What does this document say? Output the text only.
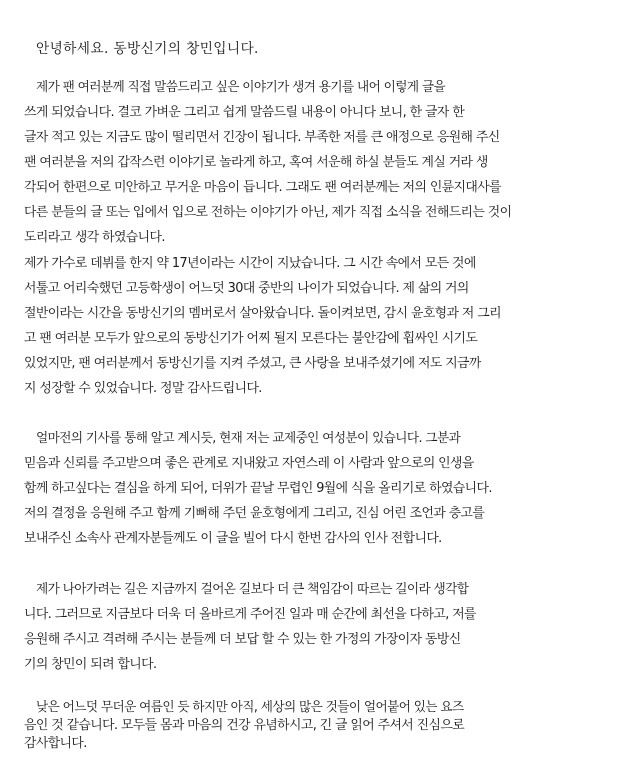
안녕하세요. 동방신기의 창민입니다.
제가 팬 여러분께 직접 말씀드리고 싶은 이야기가 생겨 용기를 내어 이렇게 글을
쓰게 되었습니다. 결코 가벼운 그리고 쉽게 말씀드릴 내용이 아니다 보니, 한 글자 한
글자 적고 있는 지금도 많이 떨리면서 긴장이 됩니다. 부족한 저를 큰 애정으로 응원해 주신
팬 여러분을 저의 갑작스런 이야기로 놀라게 하고, 혹여 서운해 하실 분들도 계실 거라 생
각되어 한편으로 미안하고 무거운 마음이 듭니다. 그래도 팬 여러분께는 저의 인륜지대사를
다른 분들의 글 또는 입에서 입으로 전하는 이야기가 아닌, 제가 직접 소식을 전해드리는 것이
도리라고 생각 하였습니다.
제가 가수로 데뷔를 한지 약 17년이라는 시간이 지났습니다. 그 시간 속에서 모든 것에
서툴고 어리숙했던 고등학생이 어느덧 30대 중반의 나이가 되었습니다. 제 삶의 거의
절반이라는 시간을 동방신기의 멤버로서 살아왔습니다. 돌이켜보면, 감시 윤호형과 저 그리
고 팬 여러분 모두가 앞으로의 동방신기가 어찌 될지 모른다는 불안감에 휩싸인 시기도
있었지만, 팬 여러분께서 동방신기를 지켜 주셨고, 큰 사랑을 보내주셨기에 저도 지금까
지 성장할 수 있었습니다. 정말 감사드립니다.
얼마전의 기사를 통해 알고 계시듯, 현재 저는 교제중인 여성분이 있습니다. 그분과
믿음과 신뢰를 주고받으며 좋은 관계로 지내왔고 자연스레 이 사람과 앞으로의 인생을
함께 하고싶다는 결심을 하게 되어, 더위가 끝날 무렵인 9월에 식을 올리기로 하였습니다.
저의 결정을 응원해 주고 함께 기뻐해 주던 윤호형에게 그리고, 진심 어린 조언과 충고를
보내주신 소속사 관계자분들께도 이 글을 빌어 다시 한번 감사의 인사 전합니다.
제가 나아가려는 길은 지금까지 걸어온 길보다 더 큰 책임감이 따르는 길이라 생각합
니다. 그러므로 지금보다 더욱 더 올바르게 주어진 일과 매 순간에 최선을 다하고, 저를
응원해 주시고 격려해 주시는 분들께 더 보답 할 수 있는 한 가정의 가장이자 동방신
기의 창민이 되려 합니다.
낮은 어느덧 무더운 여름인 듯 하지만 아직, 세상의 많은 것들이 얼어붙어 있는 요즈
음인 것 같습니다. 모두들 몸과 마음의 건강 유념하시고, 긴 글 읽어 주셔서 진심으로
감사합니다.
